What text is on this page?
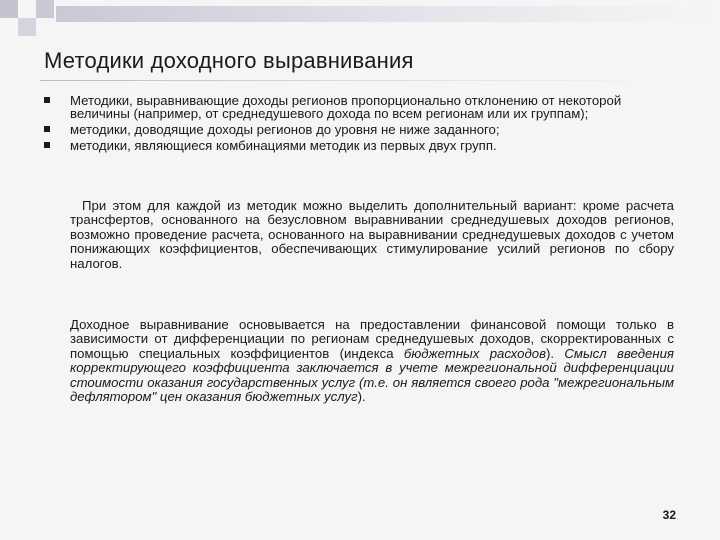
Методики доходного выравнивания
Методики, выравнивающие доходы регионов пропорционально отклонению от некоторой величины (например, от среднедушевого дохода по всем регионам или их группам);
методики, доводящие доходы регионов до уровня не ниже заданного;
методики, являющиеся комбинациями методик из первых двух групп.

При этом для каждой из методик можно выделить дополнительный вариант: кроме расчета трансфертов, основанного на безусловном выравнивании среднедушевых доходов регионов, возможно проведение расчета, основанного на выравнивании среднедушевых доходов с учетом понижающих коэффициентов, обеспечивающих стимулирование усилий регионов по сбору налогов.

Доходное выравнивание основывается на предоставлении финансовой помощи только в зависимости от дифференциации по регионам среднедушевых доходов, скорректированных с помощью специальных коэффициентов (индекса бюджетных расходов). Смысл введения корректирующего коэффициента заключается в учете межрегиональной дифференциации стоимости оказания государственных услуг (т.е. он является своего рода "межрегиональным дефлятором" цен оказания бюджетных услуг).

32
